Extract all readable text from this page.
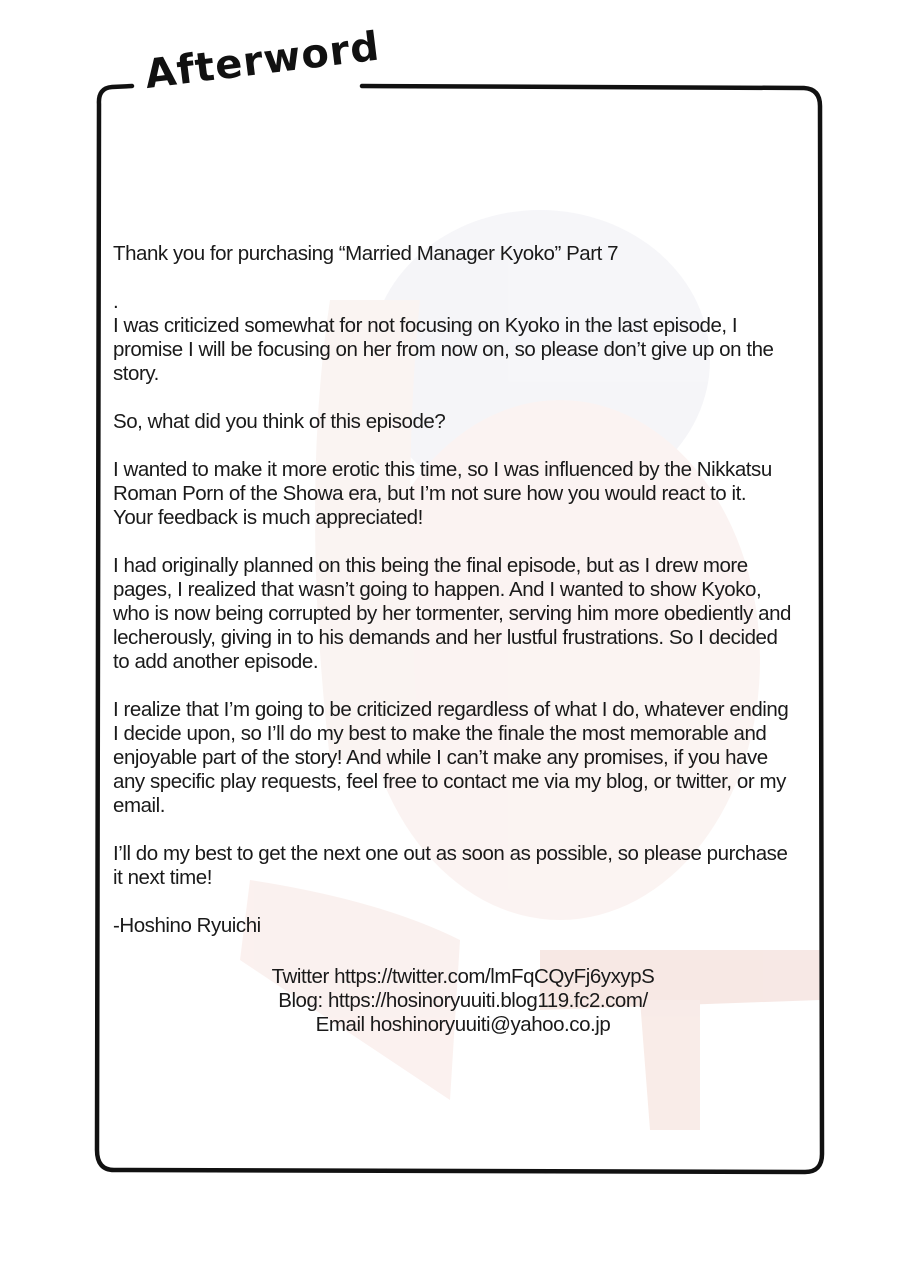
Afterword
Thank you for purchasing “Married Manager Kyoko” Part 7
.
I was criticized somewhat for not focusing on Kyoko in the last episode, I
promise I will be focusing on her from now on, so please don’t give up on the
story.
So, what did you think of this episode?
I wanted to make it more erotic this time, so I was influenced by the Nikkatsu
Roman Porn of the Showa era, but I’m not sure how you would react to it.
Your feedback is much appreciated!
I had originally planned on this being the final episode, but as I drew more
pages, I realized that wasn’t going to happen. And I wanted to show Kyoko,
who is now being corrupted by her tormenter, serving him more obediently and
lecherously, giving in to his demands and her lustful frustrations. So I decided
to add another episode.
I realize that I’m going to be criticized regardless of what I do, whatever ending
I decide upon, so I’ll do my best to make the finale the most memorable and
enjoyable part of the story! And while I can’t make any promises, if you have
any specific play requests, feel free to contact me via my blog, or twitter, or my
email.
I’ll do my best to get the next one out as soon as possible, so please purchase
it next time!
-Hoshino Ryuichi
Twitter https://twitter.com/lmFqCQyFj6yxypS
Blog: https://hosinoryuuiti.blog119.fc2.com/
Email hoshinoryuuiti@yahoo.co.jp
